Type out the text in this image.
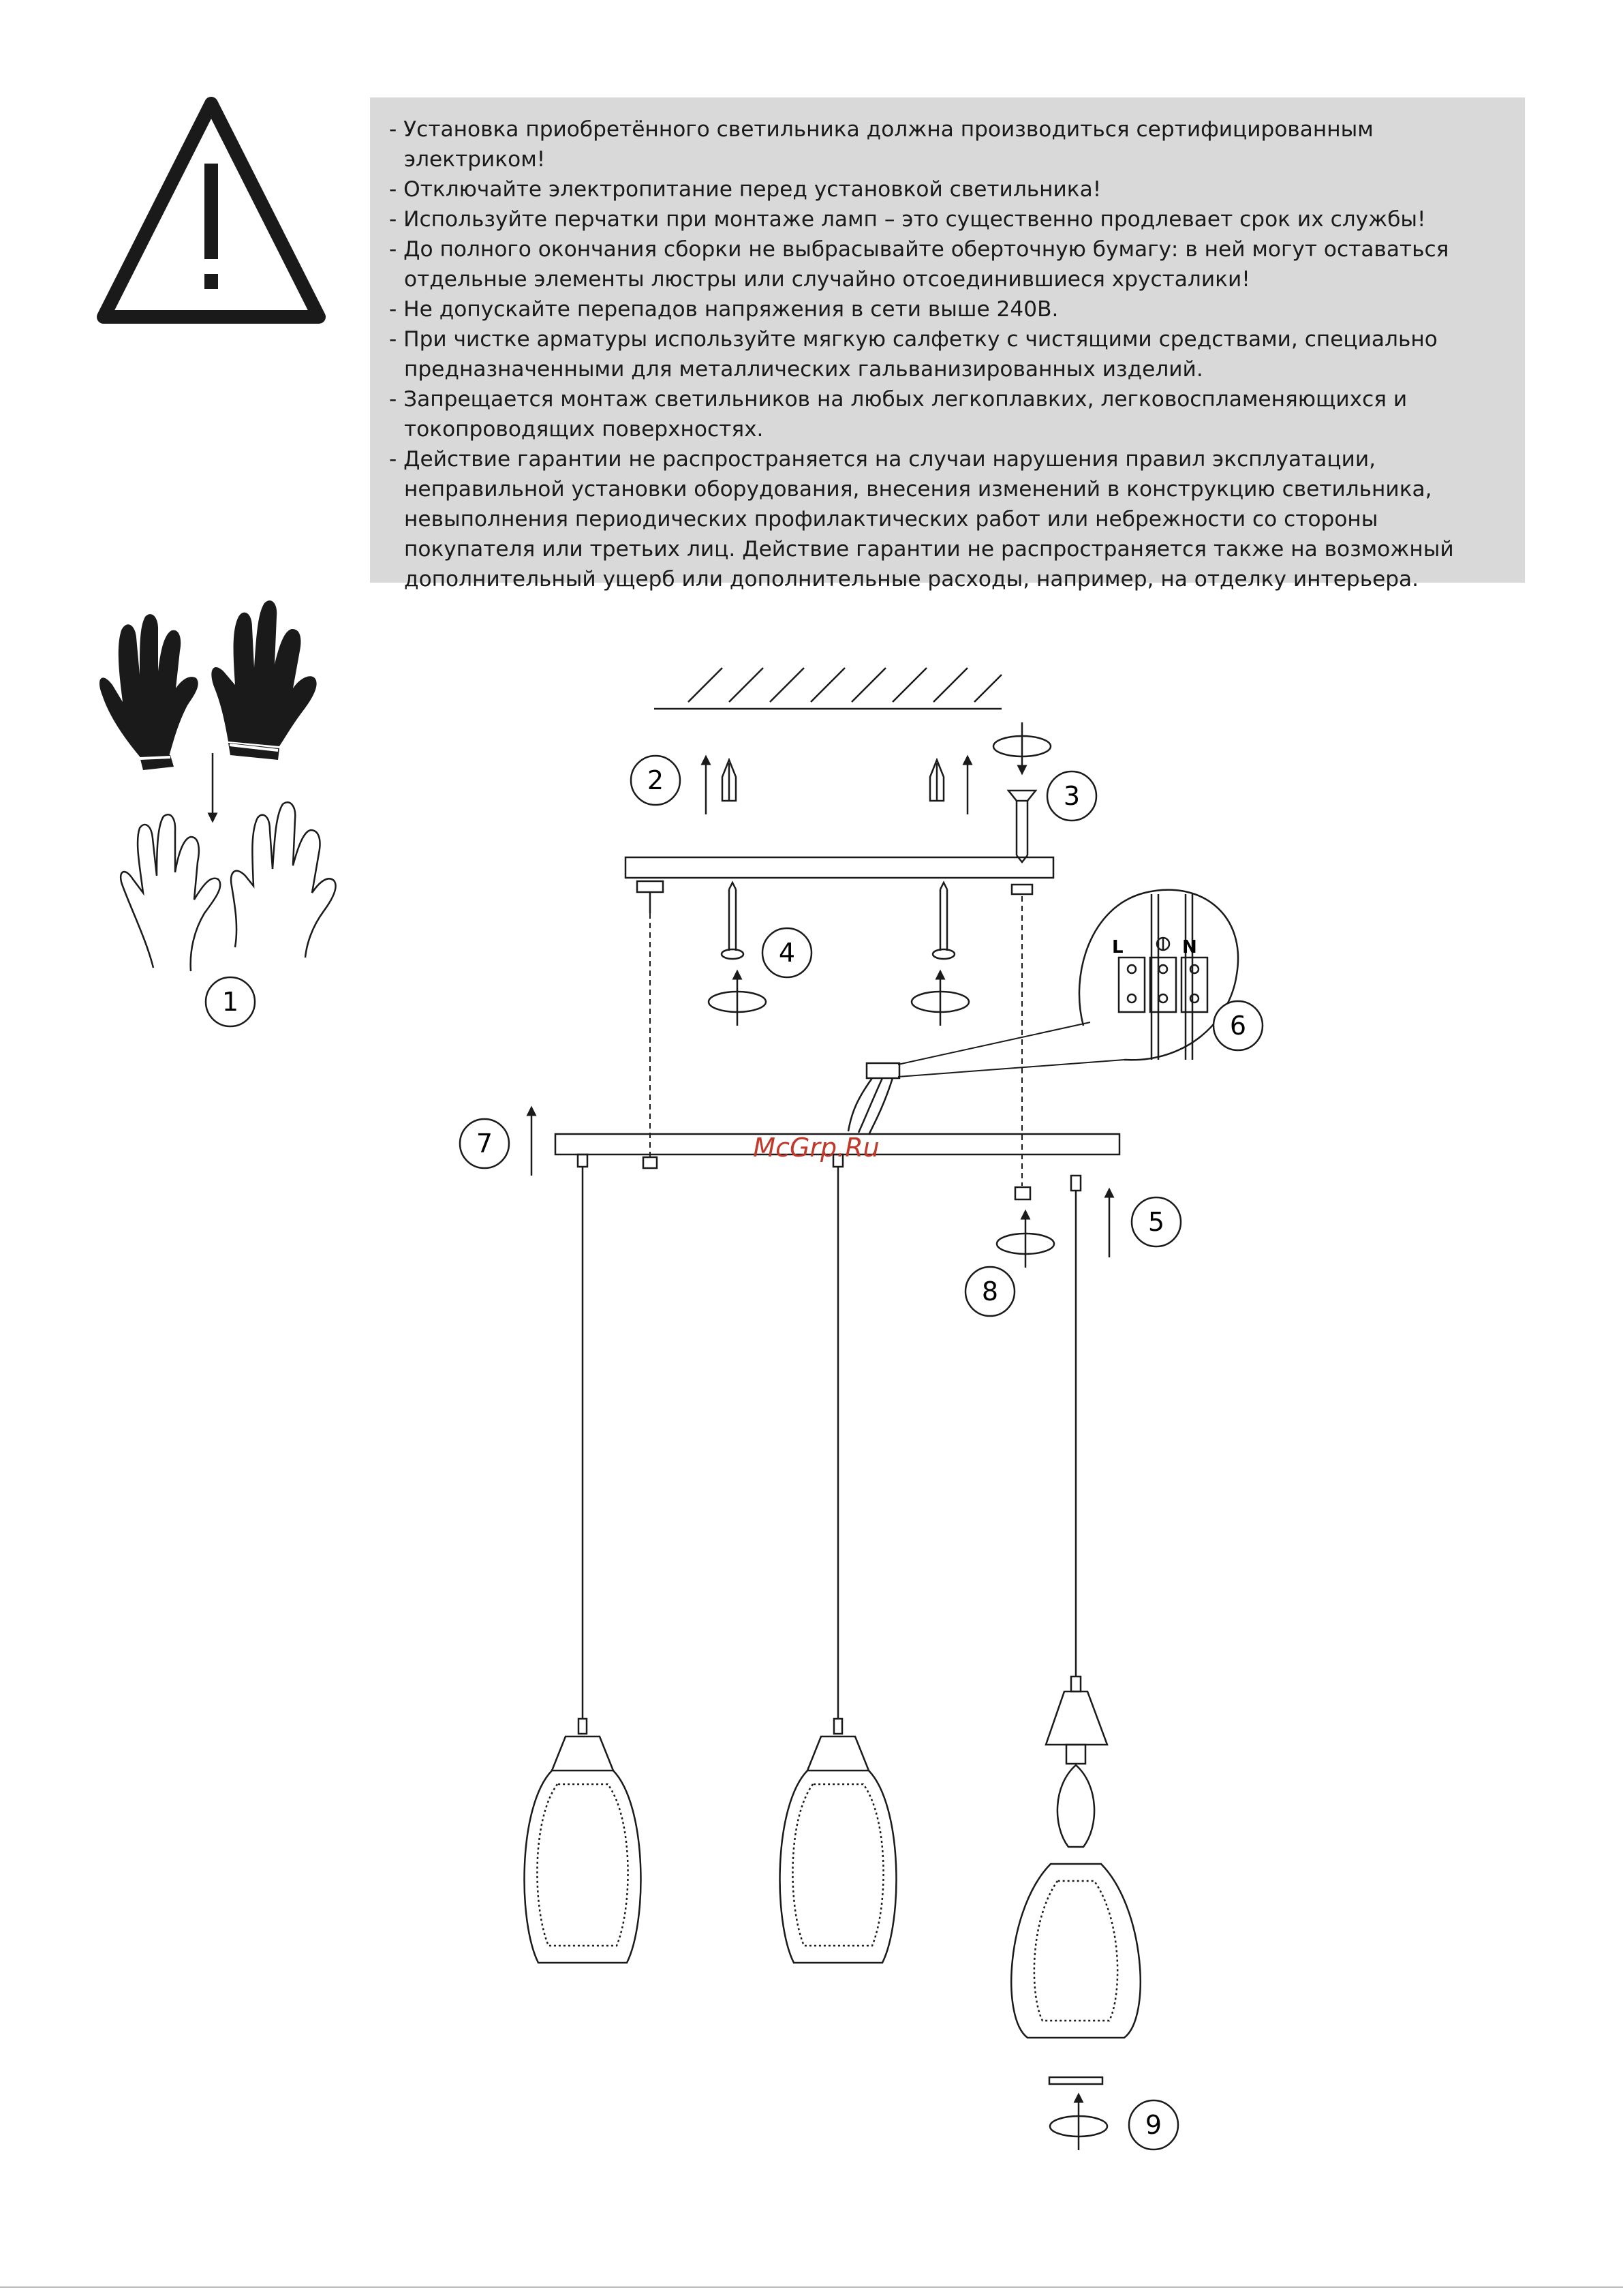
- Установка приобретённого светильника должна производиться сертифицированным электриком!
- Отключайте электропитание перед установкой светильника!
- Используйте перчатки при монтаже ламп – это существенно продлевает срок их службы!
- До полного окончания сборки не выбрасывайте оберточную бумагу: в ней могут оставаться отдельные элементы люстры или случайно отсоединившиеся хрусталики!
- Не допускайте перепадов напряжения в сети выше 240В.
- При чистке арматуры используйте мягкую салфетку с чистящими средствами, специально предназначенными для металлических гальванизированных изделий.
- Запрещается монтаж светильников на любых легкоплавких, легковоспламеняющихся и токопроводящих поверхностях.
- Действие гарантии не распространяется на случаи нарушения правил эксплуатации, неправильной установки оборудования, внесения изменений в конструкцию светильника, невыполнения периодических профилактических работ или небрежности со стороны покупателя или третьих лиц. Действие гарантии не распространяется также на возможный дополнительный ущерб или дополнительные расходы, например, на отделку интерьера.
L	N
1
2
3
4
5
6
7
8
9
McGrp.Ru
